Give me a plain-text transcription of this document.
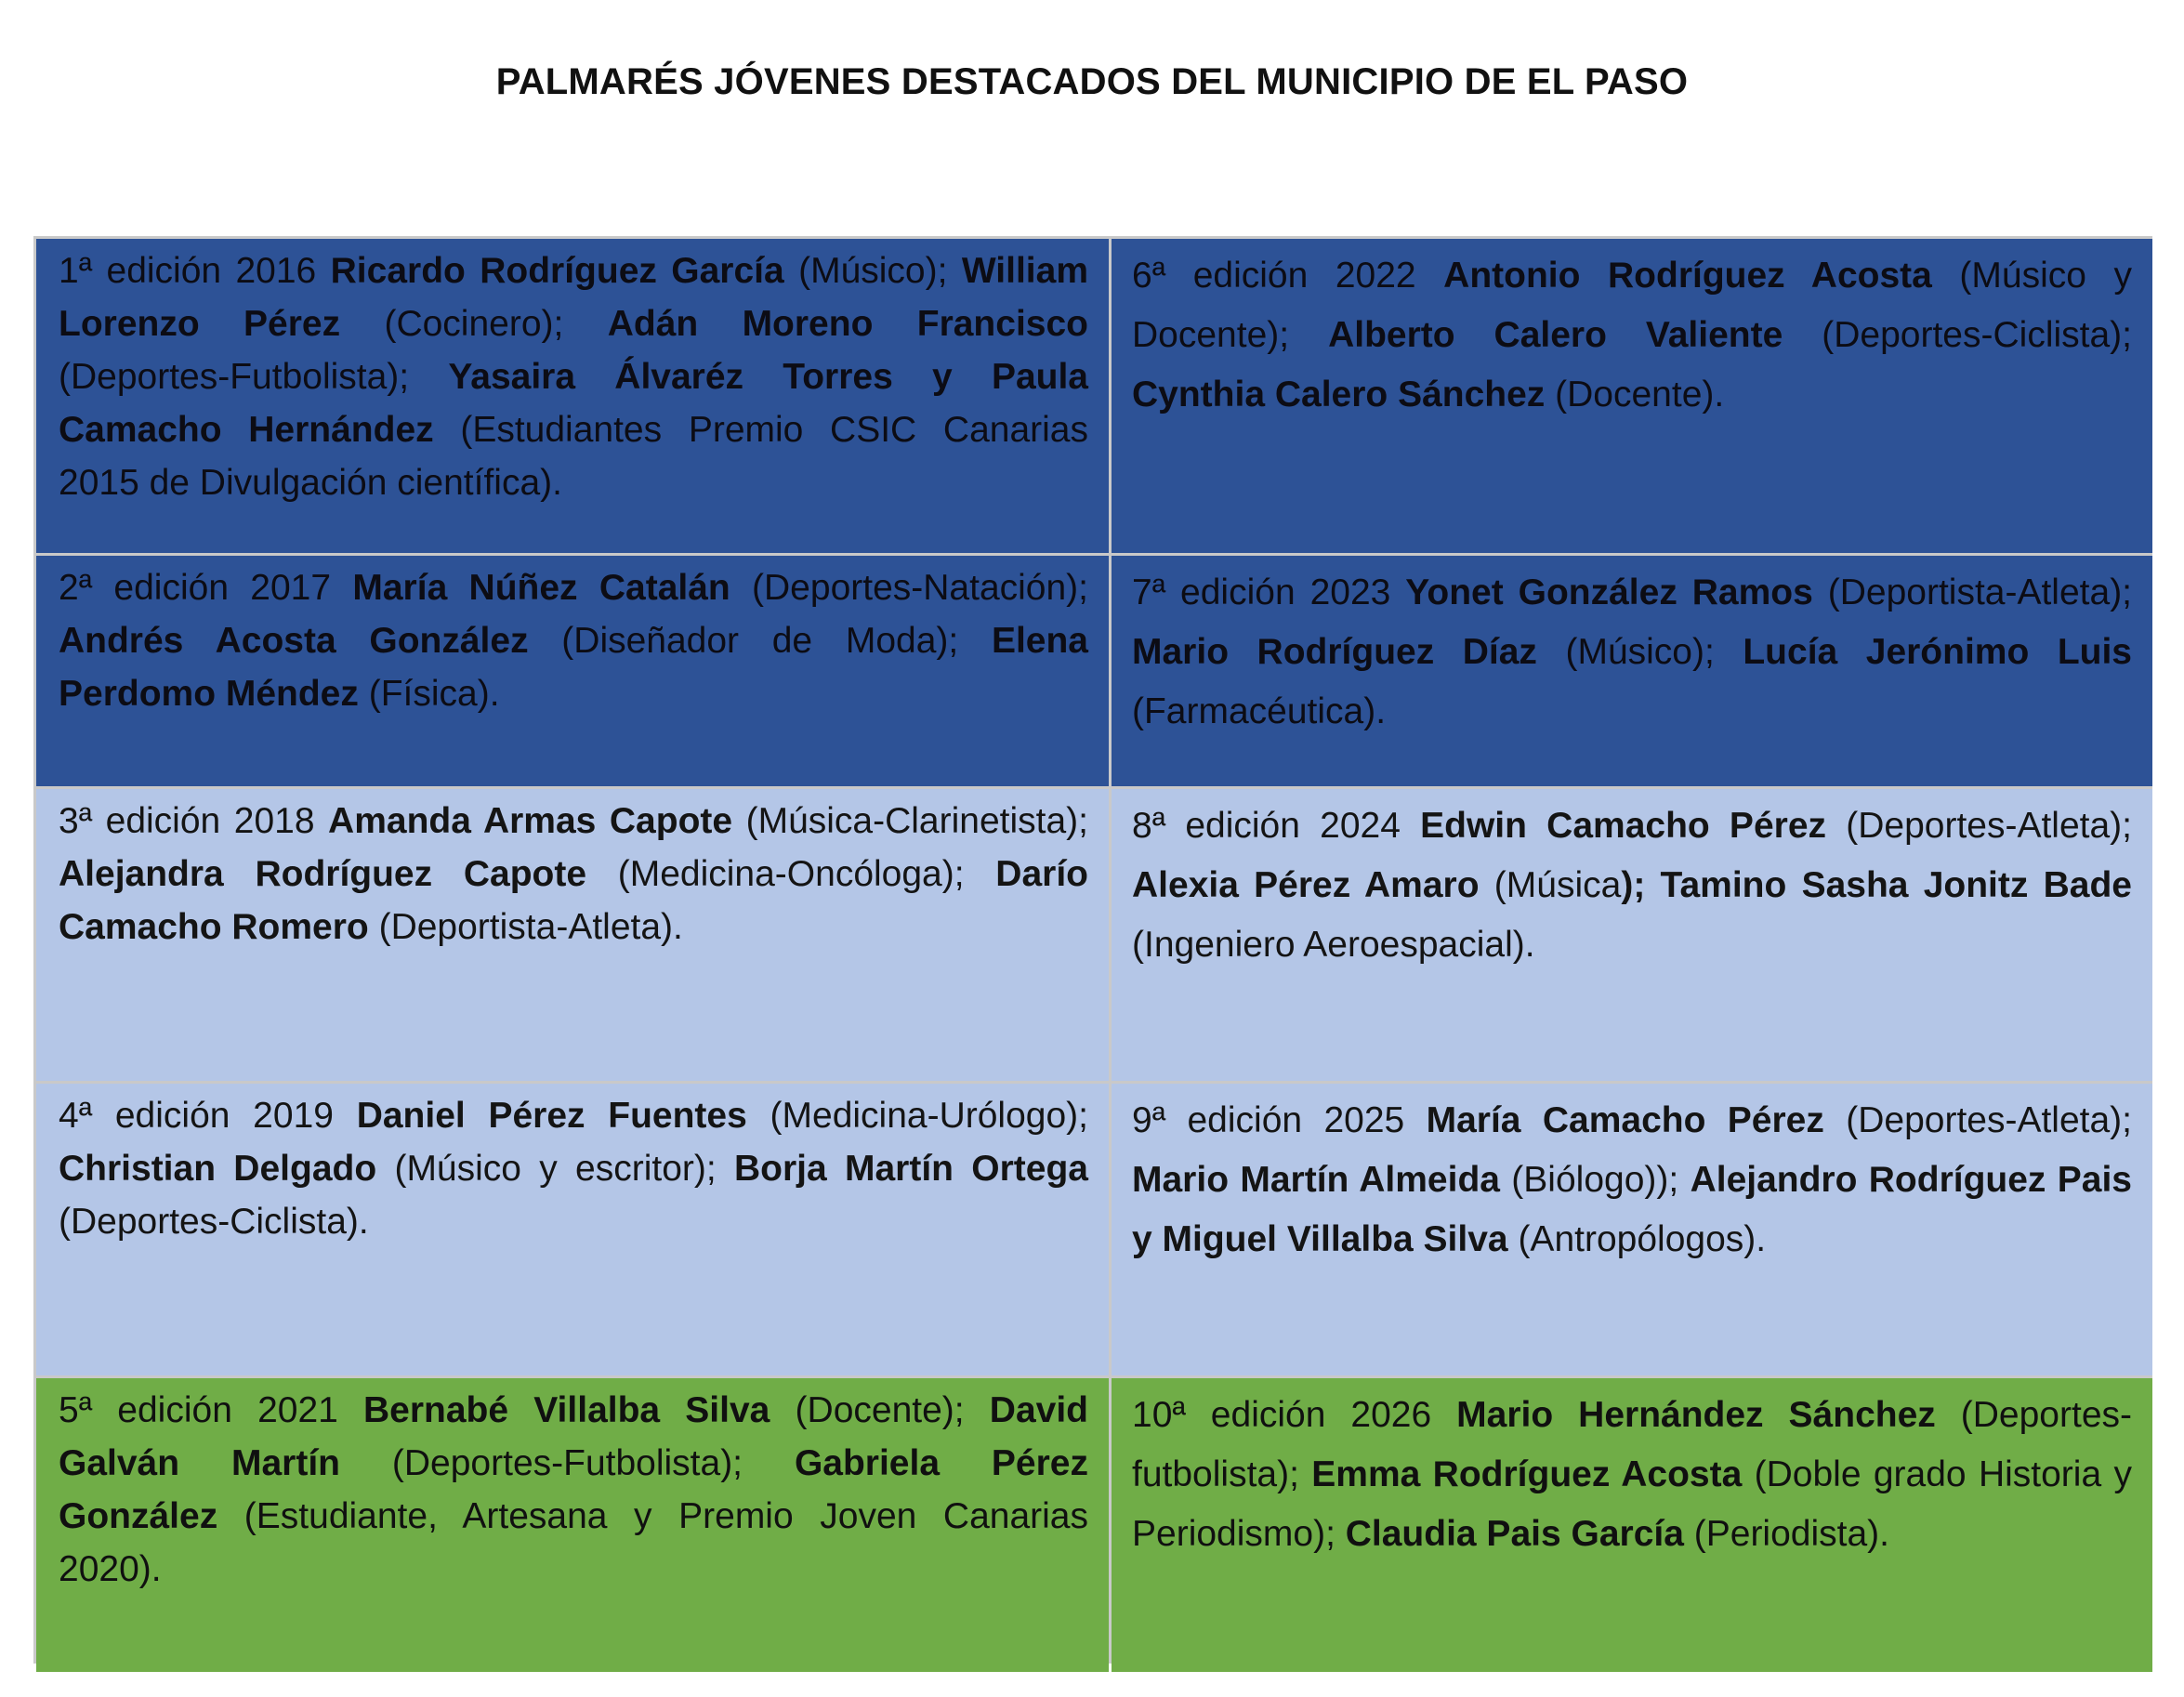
PALMARÉS JÓVENES DESTACADOS DEL MUNICIPIO DE EL PASO
1ª edición 2016 Ricardo Rodríguez García (Músico); William Lorenzo Pérez (Cocinero); Adán Moreno Francisco (Deportes-Futbolista); Yasaira Álvaréz Torres y Paula Camacho Hernández (Estudiantes Premio CSIC Canarias 2015 de Divulgación científica).
6ª edición 2022 Antonio Rodríguez Acosta (Músico y Docente); Alberto Calero Valiente (Deportes-Ciclista); Cynthia Calero Sánchez (Docente).
2ª edición 2017 María Núñez Catalán (Deportes-Natación); Andrés Acosta González (Diseñador de Moda); Elena Perdomo Méndez (Física).
7ª edición 2023 Yonet González Ramos (Deportista-Atleta); Mario Rodríguez Díaz (Músico); Lucía Jerónimo Luis (Farmacéutica).
3ª edición 2018 Amanda Armas Capote (Música-Clarinetista); Alejandra Rodríguez Capote (Medicina-Oncóloga); Darío Camacho Romero (Deportista-Atleta).
8ª edición 2024 Edwin Camacho Pérez (Deportes-Atleta); Alexia Pérez Amaro (Música); Tamino Sasha Jonitz Bade (Ingeniero Aeroespacial).
4ª edición 2019 Daniel Pérez Fuentes (Medicina-Urólogo); Christian Delgado (Músico y escritor); Borja Martín Ortega (Deportes-Ciclista).
9ª edición 2025 María Camacho Pérez (Deportes-Atleta); Mario Martín Almeida (Biólogo)); Alejandro Rodríguez Pais y Miguel Villalba Silva (Antropólogos).
5ª edición 2021 Bernabé Villalba Silva (Docente); David Galván Martín (Deportes-Futbolista); Gabriela Pérez González (Estudiante, Artesana y Premio Joven Canarias 2020).
10ª edición 2026 Mario Hernández Sánchez (Deportes-futbolista); Emma Rodríguez Acosta (Doble grado Historia y Periodismo); Claudia Pais García (Periodista).
